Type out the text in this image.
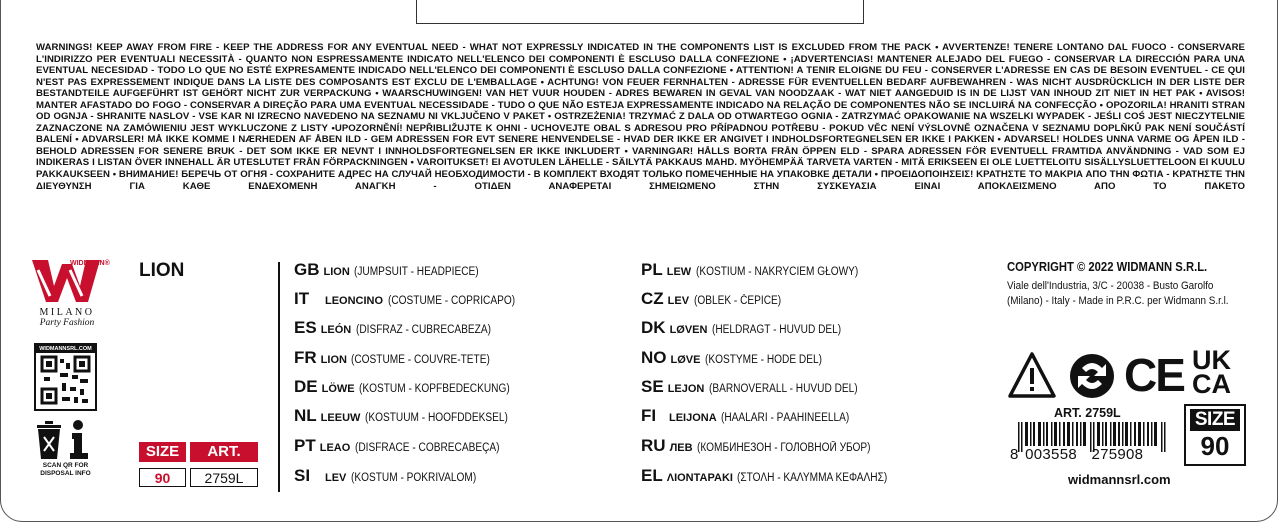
WARNINGS! KEEP AWAY FROM FIRE - KEEP THE ADDRESS FOR ANY EVENTUAL NEED - WHAT NOT EXPRESSLY INDICATED IN THE COMPONENTS LIST IS EXCLUDED FROM THE PACK • AVVERTENZE! TENERE LONTANO DAL FUOCO - CONSERVARE L'INDIRIZZO PER EVENTUALI NECESSITÀ - QUANTO NON ESPRESSAMENTE INDICATO NELL'ELENCO DEI COMPONENTI È ESCLUSO DALLA CONFEZIONE • ¡ADVERTENCIAS! MANTENER ALEJADO DEL FUEGO - CONSERVAR LA DIRECCIÓN PARA UNA EVENTUAL NECESIDAD - TODO LO QUE NO ESTÉ EXPRESAMENTE INDICADO NELL'ELENCO DEI COMPONENTI È ESCLUSO DALLA CONFEZIONE • ATTENTION! A TENIR ELOIGNE DU FEU - CONSERVER L'ADRESSE EN CAS DE BESOIN EVENTUEL - CE QUI N'EST PAS EXPRESSEMENT INDIQUE DANS LA LISTE DES COMPOSANTS EST EXCLU DE L'EMBALLAGE • ACHTUNG! VON FEUER FERNHALTEN - ADRESSE FÜR EVENTUELLEN BEDARF AUFBEWAHREN - WAS NICHT AUSDRÜCKLICH IN DER LISTE DER BESTANDTEILE AUFGEFÜHRT IST GEHÖRT NICHT ZUR VERPACKUNG • WAARSCHUWINGEN! VAN HET VUUR HOUDEN - ADRES BEWAREN IN GEVAL VAN NOODZAAK - WAT NIET AANGEDUID IS IN DE LIJST VAN INHOUD ZIT NIET IN HET PAK • AVISOS! MANTER AFASTADO DO FOGO - CONSERVAR A DIREÇÃO PARA UMA EVENTUAL NECESSIDADE - TUDO O QUE NÃO ESTEJA EXPRESSAMENTE INDICADO NA RELAÇÃO DE COMPONENTES NÃO SE INCLUIRÁ NA CONFECÇÃO • OPOZORILA! HRANITI STRAN OD OGNJA - SHRANITE NASLOV - VSE KAR NI IZRECNO NAVEDENO NA SEZNAMU NI VKLJUČENO V PAKET • OSTRZEŻENIA! TRZYMAĆ Z DALA OD OTWARTEGO OGNIA - ZATRZYMAĆ OPAKOWANIE NA WSZELKI WYPADEK - JEŚLI COŚ JEST NIECZYTELNIE ZAZNACZONE NA ZAMÓWIENIU JEST WYKLUCZONE Z LISTY •UPOZORNĚNÍ! NEPŘIBLIŽUJTE K OHNI - UCHOVEJTE OBAL S ADRESOU PRO PŘÍPADNOU POTŘEBU - POKUD VĚC NENÍ VÝSLOVNĚ OZNAČENA V SEZNAMU DOPLŇKŮ PAK NENÍ SOUČÁSTÍ BALENÍ • ADVARSLER! MÅ IKKE KOMME I NÆRHEDEN AF ÅBEN ILD - GEM ADRESSEN FOR EVT SENERE HENVENDELSE - HVAD DER IKKE ER ANGIVET I INDHOLDSFORTEGNELSEN ER IKKE I PAKKEN • ADVARSEL! HOLDES UNNA VARME OG ÅPEN ILD - BEHOLD ADRESSEN FOR SENERE BRUK - DET SOM IKKE ER NEVNT I INNHOLDSFORTEGNELSEN ER IKKE INKLUDERT • VARNINGAR! HÅLLS BORTA FRÅN ÖPPEN ELD - SPARA ADRESSEN FÖR EVENTUELL FRAMTIDA ANVÄNDNING - VAD SOM EJ INDIKERAS I LISTAN ÖVER INNEHALL ÄR UTESLUTET FRÅN FÖRPACKNINGEN • VAROITUKSET! EI AVOTULEN LÄHELLE - SÄILYTÄ PAKKAUS MAHD. MYÖHEMPÄÄ TARVETA VARTEN - MITÄ ERIKSEEN EI OLE LUETTELOITU SISÄLLYSLUETTELOON EI KUULU PAKKAUKSEEN • ВНИМАНИЕ! БЕРЕЧЬ ОТ ОГНЯ - СОХРАНИТЕ АДРЕС НА СЛУЧАЙ НЕОБХОДИМОСТИ - В КОМПЛЕКТ ВХОДЯТ ТОЛЬКО ПОМЕЧЕННЫЕ НА УПАКОВКЕ ДЕТАЛИ • ΠΡΟΕΙΔΟΠΟΙΗΣΕΙΣ! ΚΡΑΤΗΣΤΕ ΤΟ ΜΑΚΡΙΑ ΑΠΟ ΤΗΝ ΦΩΤΙΑ - ΚΡΑΤΗΣΤΕ ΤΗΝ ΔΙΕΥΘΥΝΣΗ ΓΙΑ ΚΑΘΕ ΕΝΔΕΧΟΜΕΝΗ ΑΝΑΓΚΗ - ΟΤΙΔΕΝ ΑΝΑΦΕΡΕΤΑΙ ΣΗΜΕΙΩΜΕΝΟ ΣΤΗΝ ΣΥΣΚΕΥΑΣΙΑ ΕΙΝΑΙ ΑΠΟΚΛΕΙΣΜΕΝΟ ΑΠΟ ΤΟ ΠΑΚΕΤΟ
WIDMANN®
MILANO
Party Fashion
WIDMANNSRL.COM
SCAN QR FOR DISPOSAL INFO
LION
SIZE	ART.
90	2759L
GB LION (JUMPSUIT - HEADPIECE)
IT LEONCINO (COSTUME - COPRICAPO)
ES LEÓN (DISFRAZ - CUBRECABEZA)
FR LION (COSTUME - COUVRE-TETE)
DE LÖWE (KOSTÜM - KOPFBEDECKUNG)
NL LEEUW (KOSTUUM - HOOFDDEKSEL)
PT LEAO (DISFRACE - COBRECABEÇA)
SI LEV (KOSTUM - POKRIVALOM)
PL LEW (KOSTIUM - NAKRYCIEM GŁOWY)
CZ LEV (OBLEK - ČEPICE)
DK LØVEN (HELDRAGT - HUVUD DEL)
NO LØVE (KOSTYME - HODE DEL)
SE LEJON (BARNOVERALL - HUVUD DEL)
FI LEIJONA (HAALARI - PÄÄHINEELLÄ)
RU ЛЕВ (КОМБИНЕЗОН - ГОЛОВНОЙ УБОР)
EL ΛΙΟΝΤΑΡΑΚΙ (ΣΤΟΛΗ - ΚΑΛΥΜΜΑ ΚΕΦΑΛΗΣ)
COPYRIGHT © 2022 WIDMANN S.R.L.
Viale dell'Industria, 3/C - 20038 - Busto Garolfo (Milano) - Italy - Made in P.R.C. per Widmann S.r.l.
CE UK
CA
ART. 2759L
8 003558 275908
SIZE
90
widmannsrl.com
